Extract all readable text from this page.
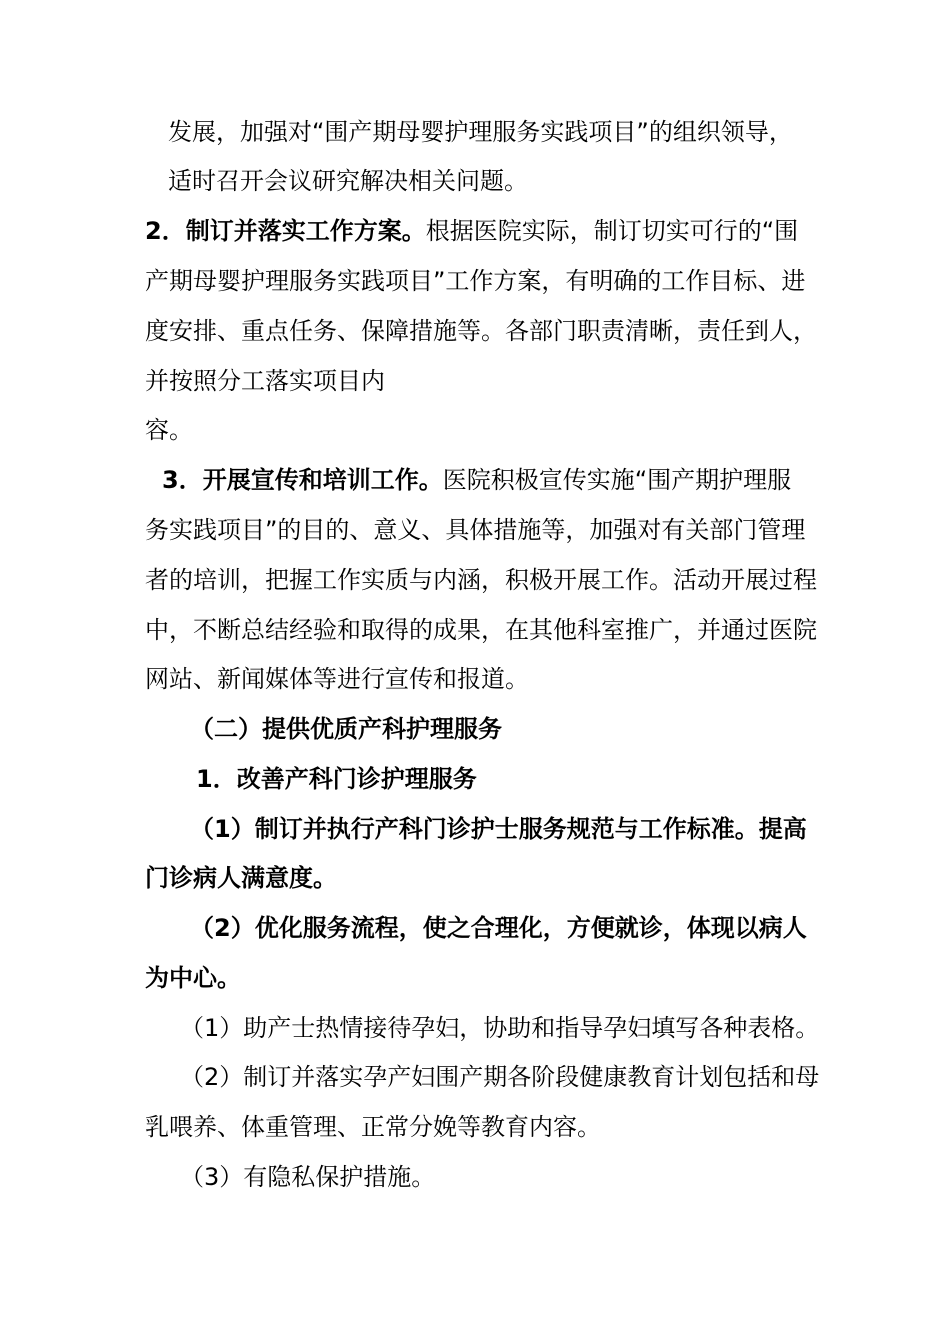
发展，加强对“围产期母婴护理服务实践项目”的组织领导，
适时召开会议研究解决相关问题。
2．制订并落实工作方案。根据医院实际，制订切实可行的“围
产期母婴护理服务实践项目”工作方案，有明确的工作目标、进
度安排、重点任务、保障措施等。各部门职责清晰，责任到人，
并按照分工落实项目内
容。
3．开展宣传和培训工作。医院积极宣传实施“围产期护理服
务实践项目”的目的、意义、具体措施等，加强对有关部门管理
者的培训，把握工作实质与内涵，积极开展工作。活动开展过程
中，不断总结经验和取得的成果，在其他科室推广，并通过医院
网站、新闻媒体等进行宣传和报道。
（二）提供优质产科护理服务
1．改善产科门诊护理服务
（1）制订并执行产科门诊护士服务规范与工作标准。提高
门诊病人满意度。
（2）优化服务流程，使之合理化，方便就诊，体现以病人
为中心。
（1）助产士热情接待孕妇，协助和指导孕妇填写各种表格。
（2）制订并落实孕产妇围产期各阶段健康教育计划包括和母
乳喂养、体重管理、正常分娩等教育内容。
（3）有隐私保护措施。
